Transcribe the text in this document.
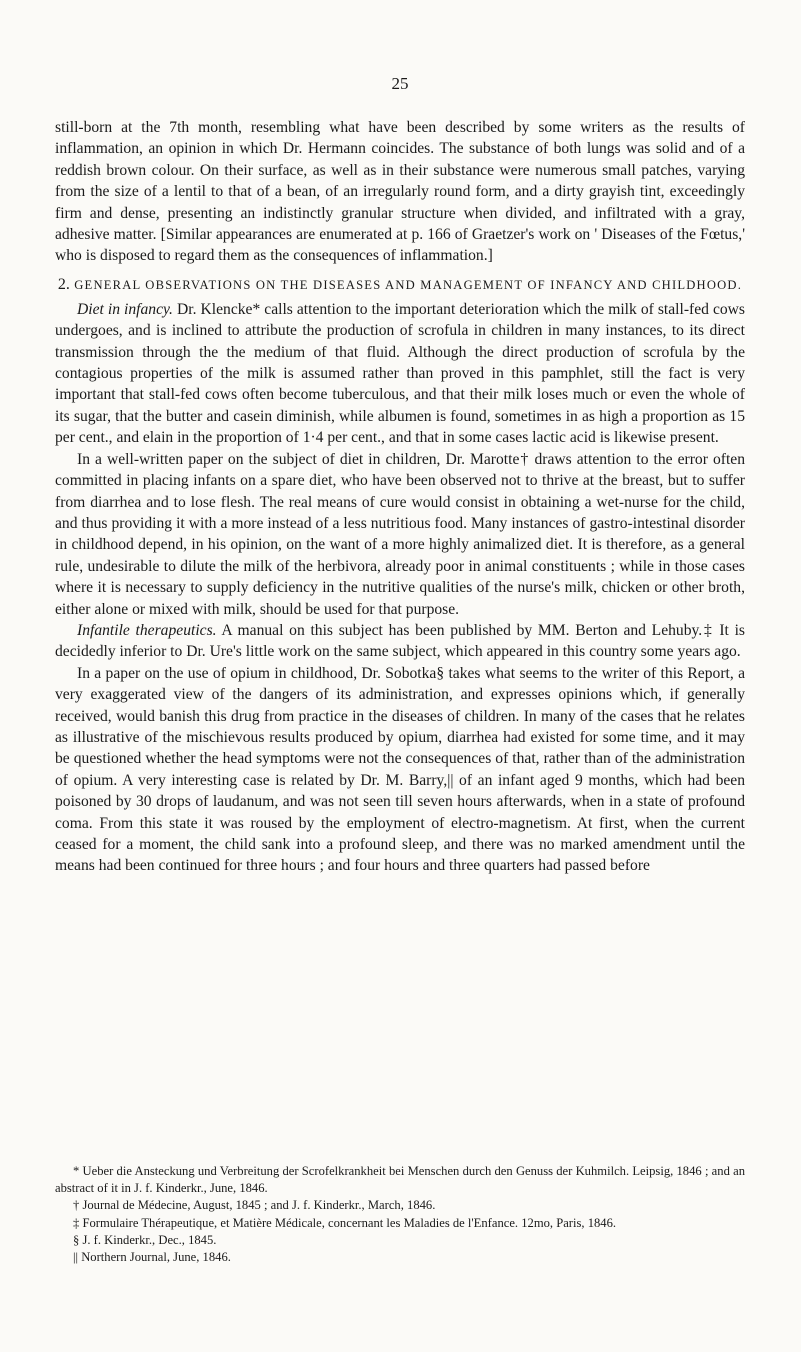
25

still-born at the 7th month, resembling what have been described by some writers as the results of inflammation, an opinion in which Dr. Hermann coincides. The substance of both lungs was solid and of a reddish brown colour. On their surface, as well as in their substance were numerous small patches, varying from the size of a lentil to that of a bean, of an irregularly round form, and a dirty grayish tint, exceedingly firm and dense, presenting an indistinctly granular structure when divided, and infiltrated with a gray, adhesive matter. [Similar appearances are enumerated at p. 166 of Graetzer's work on ' Diseases of the Fœtus,' who is disposed to regard them as the consequences of inflammation.]

2. GENERAL OBSERVATIONS ON THE DISEASES AND MANAGEMENT OF INFANCY AND CHILDHOOD.

Diet in infancy. Dr. Klencke* calls attention to the important deterioration which the milk of stall-fed cows undergoes, and is inclined to attribute the production of scrofula in children in many instances, to its direct transmission through the the medium of that fluid. Although the direct production of scrofula by the contagious properties of the milk is assumed rather than proved in this pamphlet, still the fact is very important that stall-fed cows often become tuberculous, and that their milk loses much or even the whole of its sugar, that the butter and casein diminish, while albumen is found, sometimes in as high a proportion as 15 per cent., and elain in the proportion of 1·4 per cent., and that in some cases lactic acid is likewise present.

In a well-written paper on the subject of diet in children, Dr. Marotte† draws attention to the error often committed in placing infants on a spare diet, who have been observed not to thrive at the breast, but to suffer from diarrhea and to lose flesh. The real means of cure would consist in obtaining a wet-nurse for the child, and thus providing it with a more instead of a less nutritious food. Many instances of gastro-intestinal disorder in childhood depend, in his opinion, on the want of a more highly animalized diet. It is therefore, as a general rule, undesirable to dilute the milk of the herbivora, already poor in animal constituents ; while in those cases where it is necessary to supply deficiency in the nutritive qualities of the nurse's milk, chicken or other broth, either alone or mixed with milk, should be used for that purpose.

Infantile therapeutics. A manual on this subject has been published by MM. Berton and Lehuby.‡ It is decidedly inferior to Dr. Ure's little work on the same subject, which appeared in this country some years ago.

In a paper on the use of opium in childhood, Dr. Sobotka§ takes what seems to the writer of this Report, a very exaggerated view of the dangers of its administration, and expresses opinions which, if generally received, would banish this drug from practice in the diseases of children. In many of the cases that he relates as illustrative of the mischievous results produced by opium, diarrhea had existed for some time, and it may be questioned whether the head symptoms were not the consequences of that, rather than of the administration of opium. A very interesting case is related by Dr. M. Barry,|| of an infant aged 9 months, which had been poisoned by 30 drops of laudanum, and was not seen till seven hours afterwards, when in a state of profound coma. From this state it was roused by the employment of electro-magnetism. At first, when the current ceased for a moment, the child sank into a profound sleep, and there was no marked amendment until the means had been continued for three hours ; and four hours and three quarters had passed before

* Ueber die Ansteckung und Verbreitung der Scrofelkrankheit bei Menschen durch den Genuss der Kuhmilch. Leipsig, 1846 ; and an abstract of it in J. f. Kinderkr., June, 1846.

† Journal de Médecine, August, 1845 ; and J. f. Kinderkr., March, 1846.

‡ Formulaire Thérapeutique, et Matière Médicale, concernant les Maladies de l'Enfance. 12mo, Paris, 1846.

§ J. f. Kinderkr., Dec., 1845.

|| Northern Journal, June, 1846.
